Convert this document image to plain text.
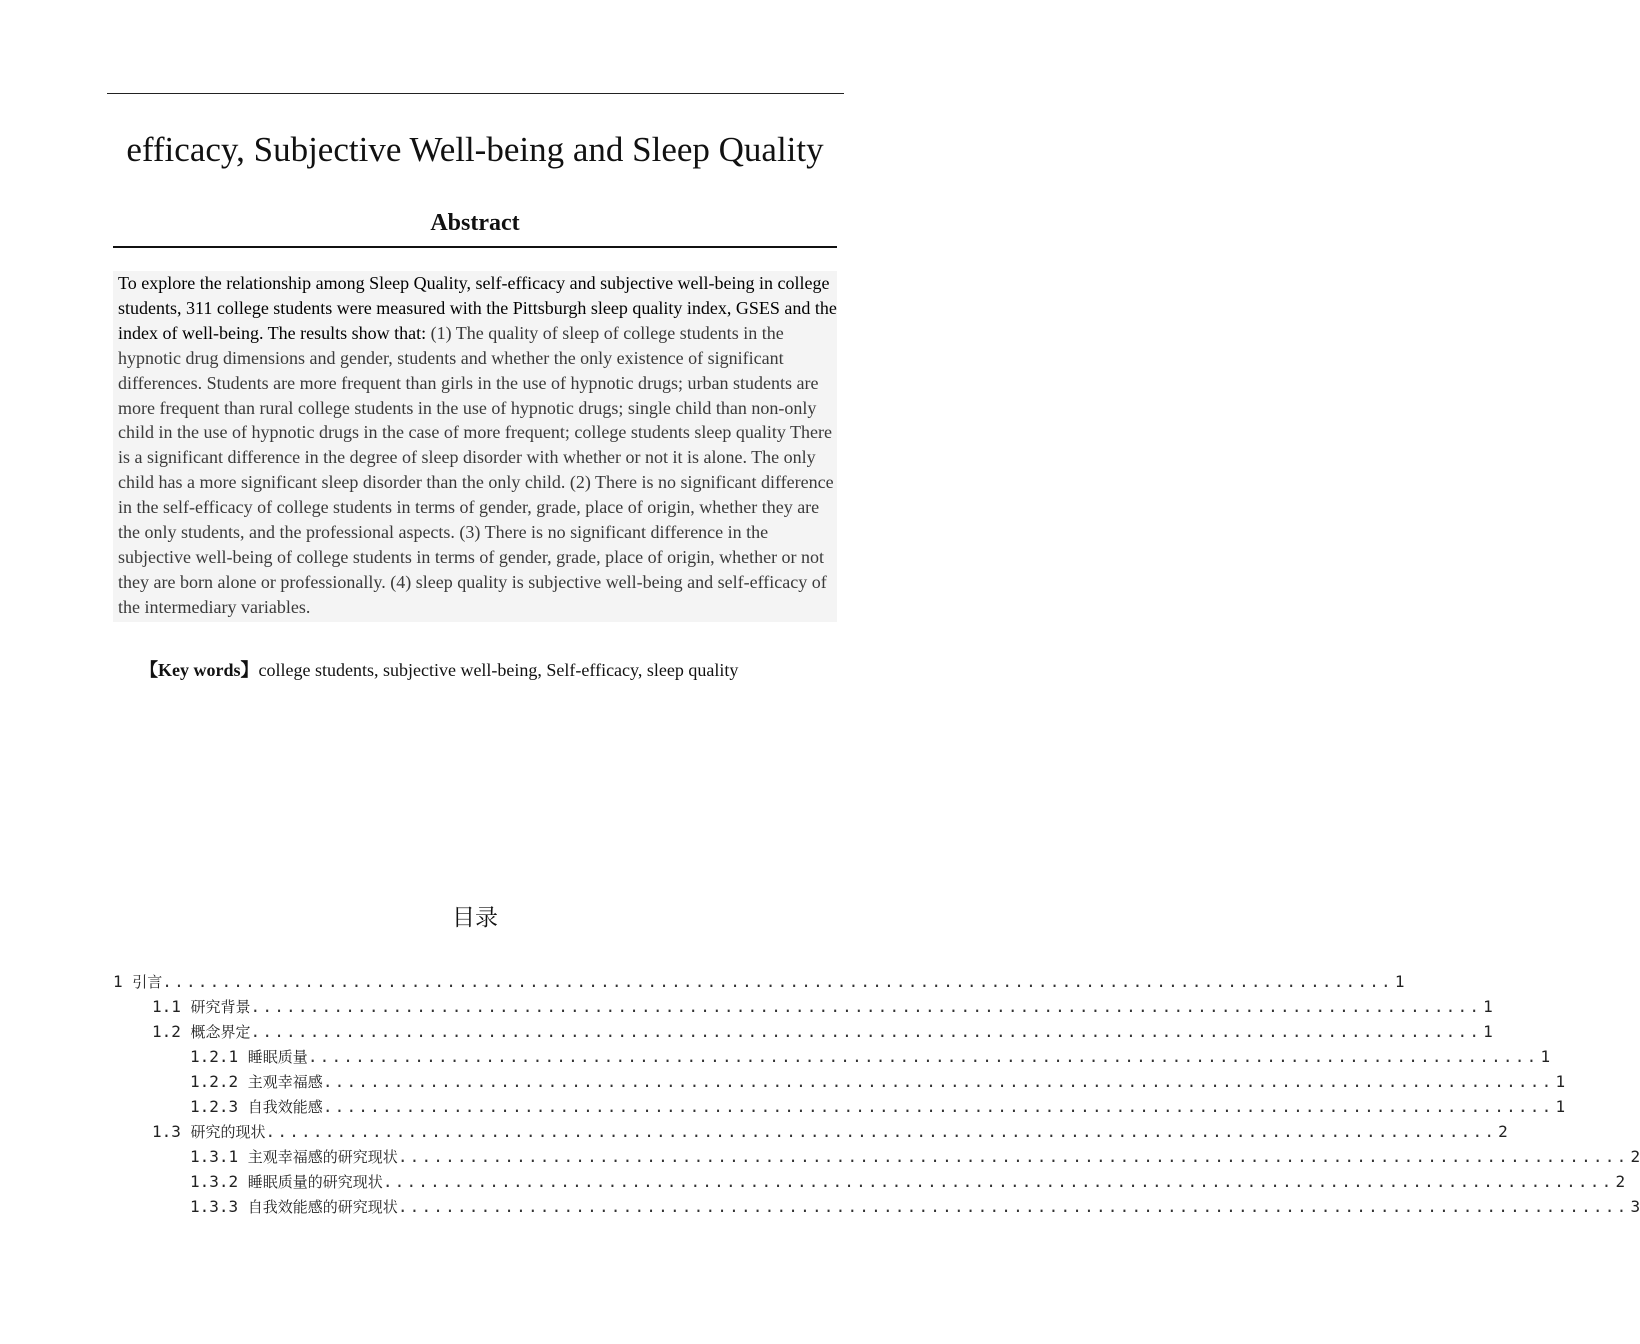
efficacy, Subjective Well-being and Sleep Quality
Abstract
To explore the relationship among Sleep Quality, self-efficacy and subjective well-being in college students, 311 college students were measured with the Pittsburgh sleep quality index, GSES and the index of well-being. The results show that: (1) The quality of sleep of college students in the hypnotic drug dimensions and gender, students and whether the only existence of significant differences. Students are more frequent than girls in the use of hypnotic drugs; urban students are more frequent than rural college students in the use of hypnotic drugs; single child than non-only child in the use of hypnotic drugs in the case of more frequent; college students sleep quality There is a significant difference in the degree of sleep disorder with whether or not it is alone. The only child has a more significant sleep disorder than the only child. (2) There is no significant difference in the self-efficacy of college students in terms of gender, grade, place of origin, whether they are the only students, and the professional aspects. (3) There is no significant difference in the subjective well-being of college students in terms of gender, grade, place of origin, whether or not they are born alone or professionally. (4) sleep quality is subjective well-being and self-efficacy of the intermediary variables.
【Key words】college students, subjective well-being, Self-efficacy, sleep quality
目录
1 引言 ........................................................................................................ 1
1.1 研究背景 ........................................................................................................ 1
1.2 概念界定 ........................................................................................................ 1
1.2.1 睡眠质量 ........................................................................................................ 1
1.2.2 主观幸福感 ........................................................................................................ 1
1.2.3 自我效能感 ........................................................................................................ 1
1.3 研究的现状 ........................................................................................................ 2
1.3.1 主观幸福感的研究现状 ........................................................................................................ 2
1.3.2 睡眠质量的研究现状 ........................................................................................................ 2
1.3.3 自我效能感的研究现状 ........................................................................................................ 3
